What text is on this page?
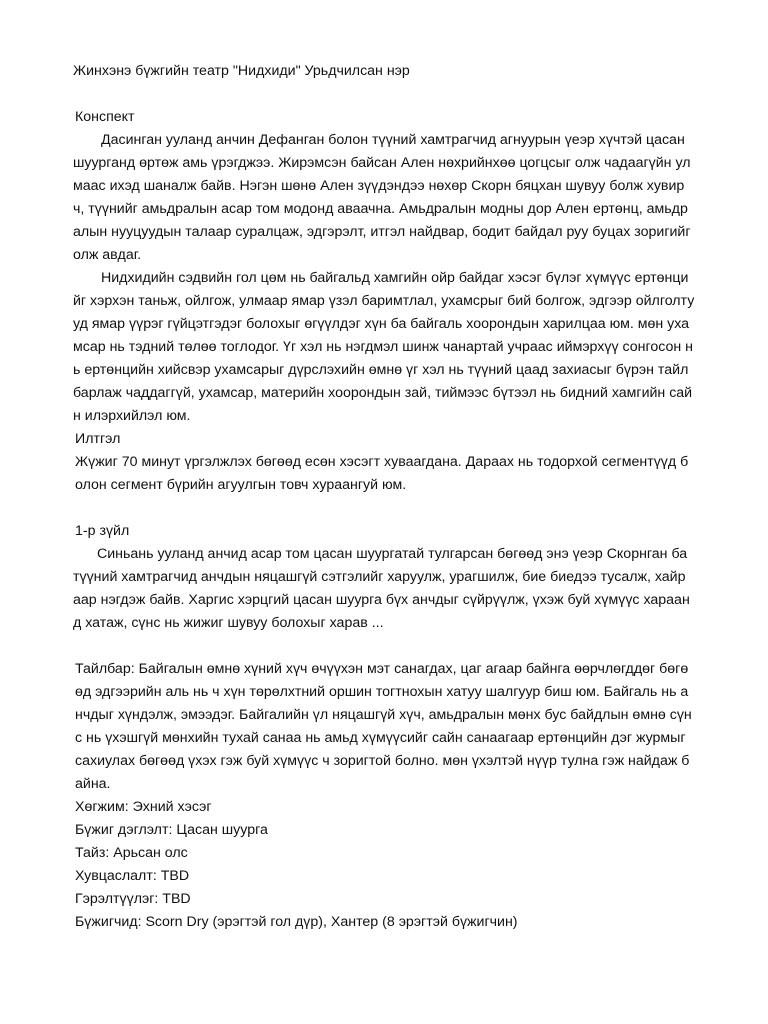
Жинхэнэ бүжгийн театр "Нидхиди" Урьдчилсан нэр
Конспект

Дасинган ууланд анчин Дефанган болон түүний хамтрагчид агнуурын үеэр хүчтэй цасан шуурганд өртөж амь үрэгджээ. Жирэмсэн байсан Ален нөхрийнхөө цогцсыг олж чадаагүйн улмаас ихэд шаналж байв. Нэгэн шөнө Ален зүүдэндээ нөхөр Скорн бяцхан шувуу болж хувирч, түүнийг амьдралын асар том модонд аваачна. Амьдралын модны дор Ален ертөнц, амьдралын нууцуудын талаар суралцаж, эдгэрэлт, итгэл найдвар, бодит байдал руу буцах зоригийг олж авдаг.

Нидхидийн сэдвийн гол цөм нь байгальд хамгийн ойр байдаг хэсэг бүлэг хүмүүс ертөнцийг хэрхэн таньж, ойлгож, улмаар ямар үзэл баримтлал, ухамсрыг бий болгож, эдгээр ойлголтууд ямар үүрэг гүйцэтгэдэг болохыг өгүүлдэг хүн ба байгаль хоорондын харилцаа юм. мөн ухамсар нь тэдний төлөө тоглодог. Үг хэл нь нэгдмэл шинж чанартай учраас иймэрхүү сонгосон нь ертөнцийн хийсвэр ухамсарыг дүрслэхийн өмнө үг хэл нь түүний цаад захиасыг бүрэн тайлбарлаж чаддаггүй, ухамсар, материйн хоорондын зай, тиймээс бүтээл нь бидний хамгийн сайн илэрхийлэл юм.

Илтгэл

Жүжиг 70 минут үргэлжлэх бөгөөд есөн хэсэгт хуваагдана. Дараах нь тодорхой сегментүүд болон сегмент бүрийн агуулгын товч хураангуй юм.

1-р зүйл

Синьань ууланд анчид асар том цасан шуургатай тулгарсан бөгөөд энэ үеэр Скорнган ба түүний хамтрагчид анчдын няцашгүй сэтгэлийг харуулж, урагшилж, бие биедээ тусалж, хайр аар нэгдэж байв. Харгис хэрцгий цасан шуурга бүх анчдыг сүйрүүлж, үхэж буй хүмүүс хараанд хатаж, сүнс нь жижиг шувуу болохыг харав ...

Тайлбар: Байгалын өмнө хүний хүч өчүүхэн мэт санагдах, цаг агаар байнга өөрчлөгддөг бөгөөд эдгээрийн аль нь ч хүн төрөлхтний оршин тогтнохын хатуу шалгуур биш юм. Байгаль нь анчдыг хүндэлж, эмээдэг. Байгалийн үл няцашгүй хүч, амьдралын мөнх бус байдлын өмнө сүнс нь үхэшгүй мөнхийн тухай санаа нь амьд хүмүүсийг сайн санаагаар ертөнцийн дэг журмыг сахиулах бөгөөд үхэх гэж буй хүмүүс ч зоригтой болно. мөн үхэлтэй нүүр тулна гэж найдаж байна.

Хөгжим: Эхний хэсэг
Бүжиг дэглэлт: Цасан шуурга
Тайз: Арьсан олс
Хувцаслалт: TBD
Гэрэлтүүлэг: TBD
Бүжигчид: Scorn Dry (эрэгтэй гол дүр), Хантер (8 эрэгтэй бүжигчин)
